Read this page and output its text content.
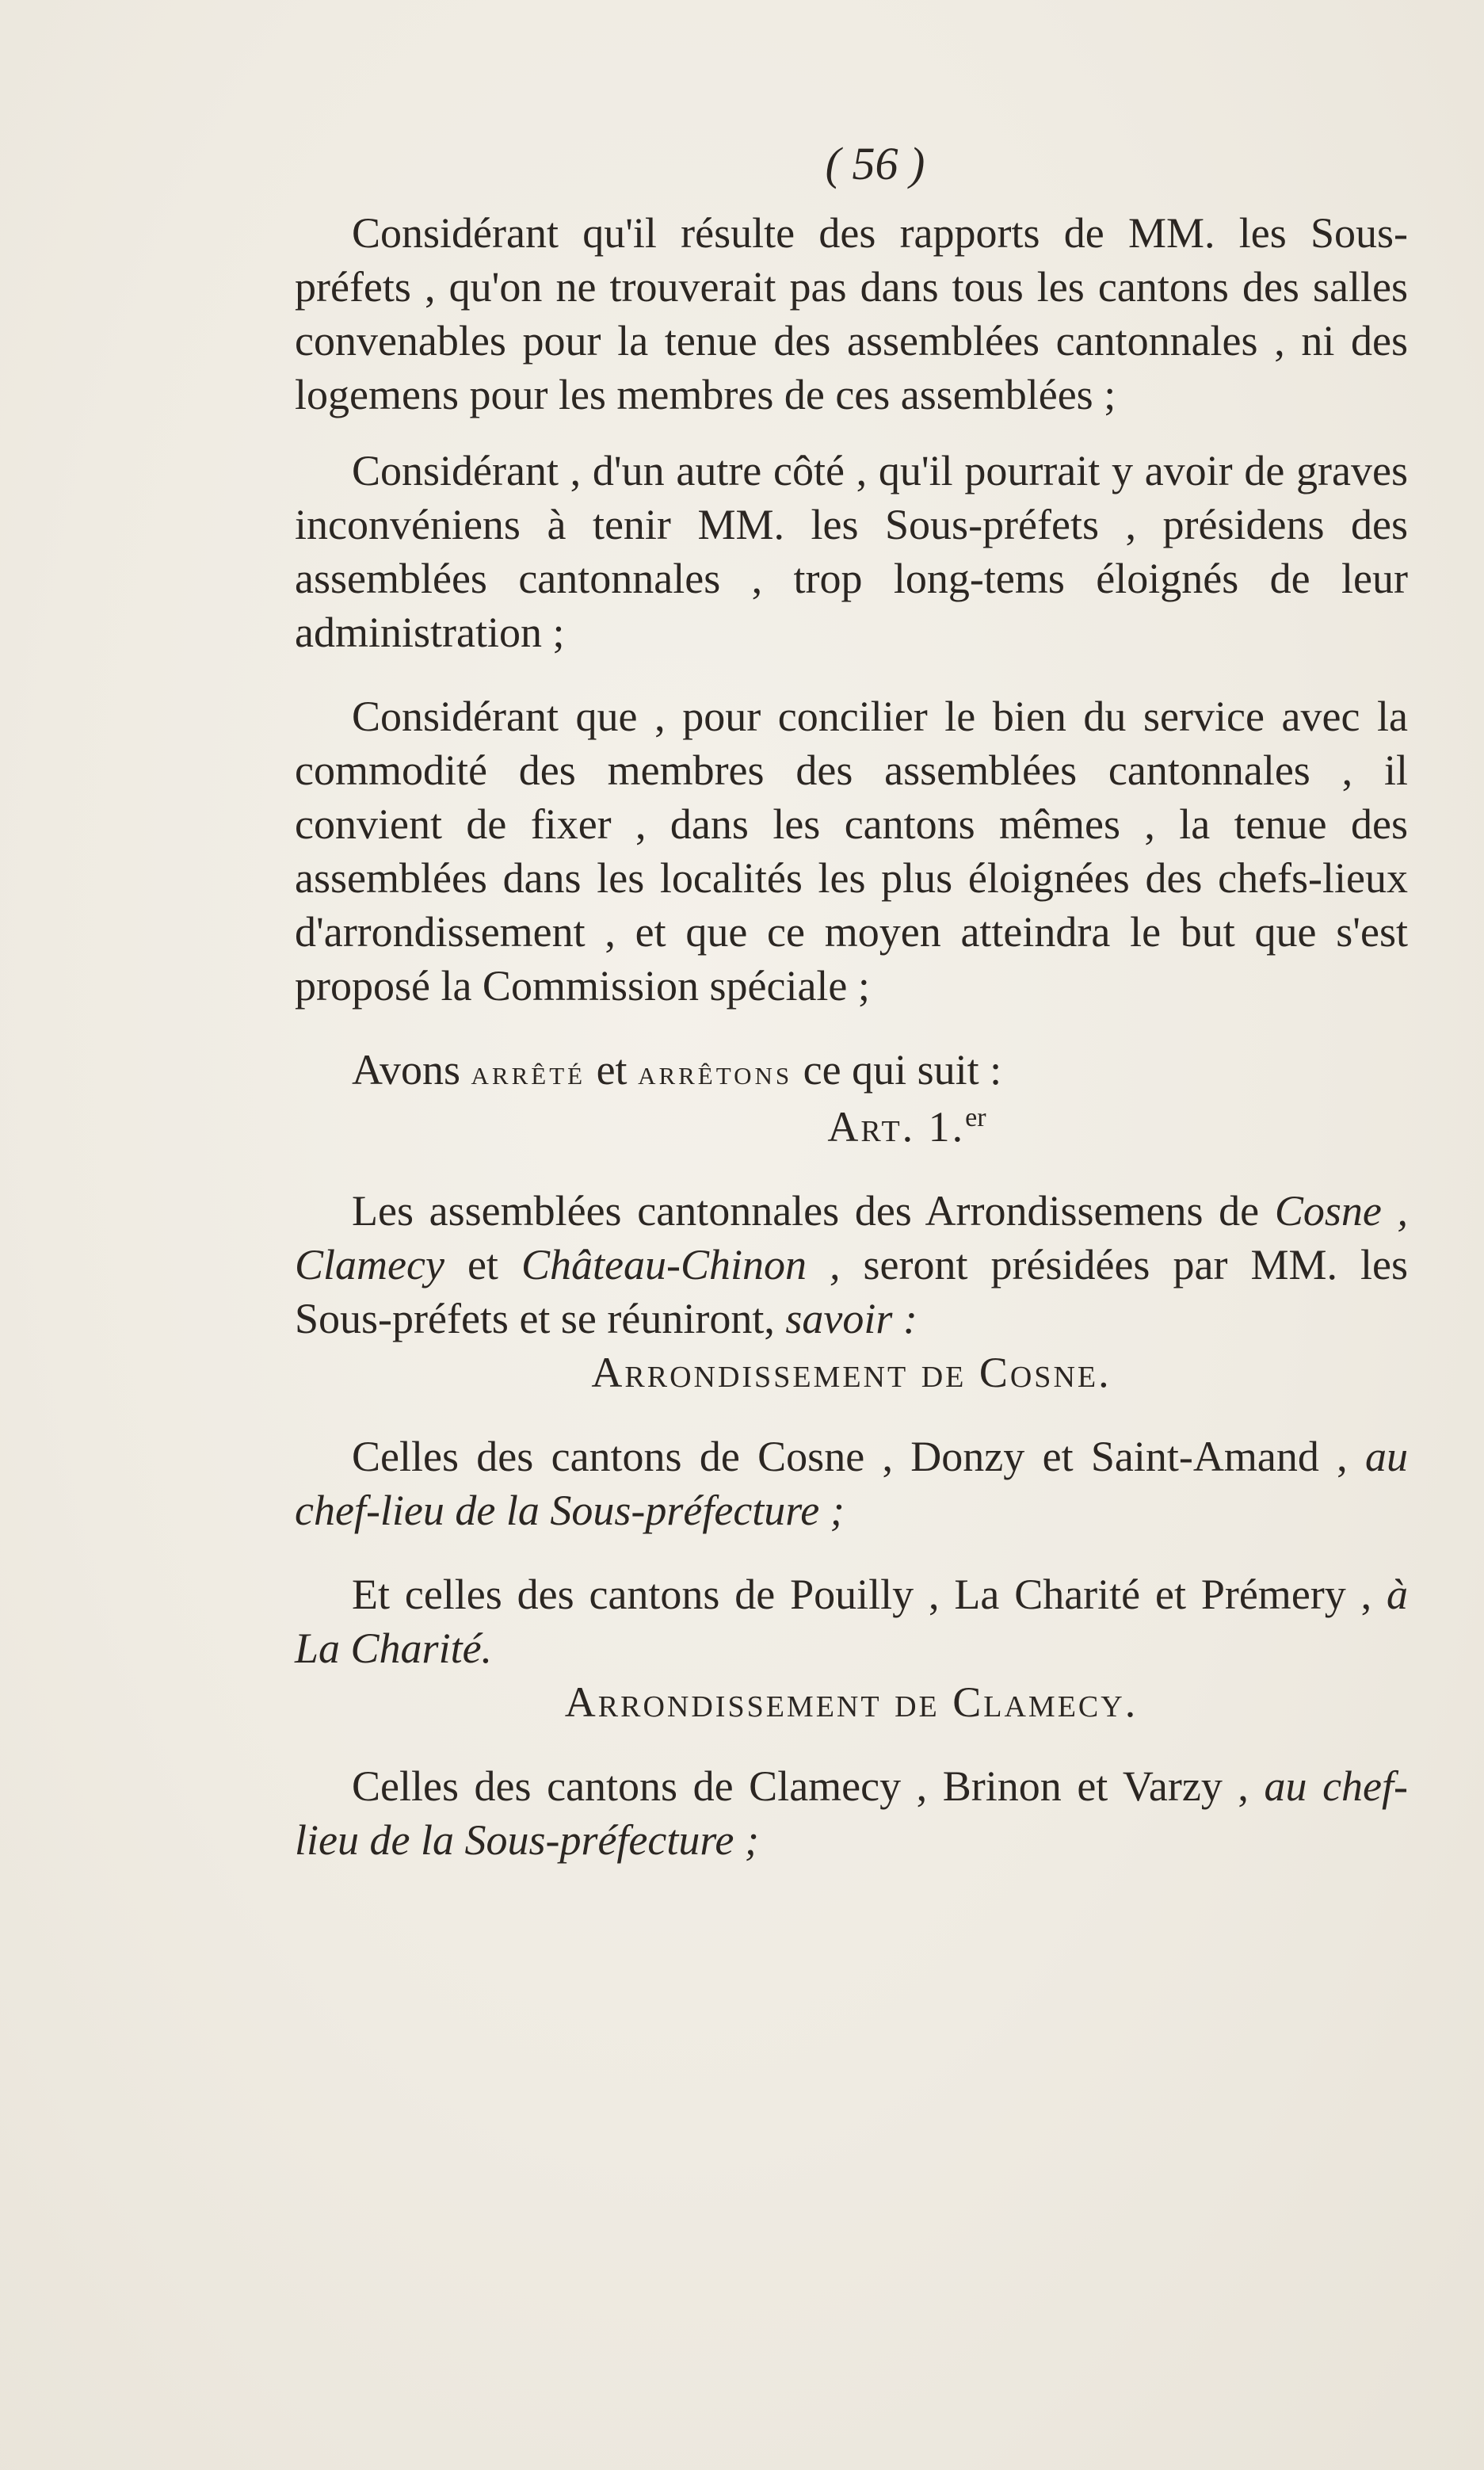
( 56 )

Considérant qu'il résulte des rapports de MM. les Sous-préfets , qu'on ne trouverait pas dans tous les cantons des salles convenables pour la tenue des assemblées cantonnales , ni des logemens pour les membres de ces assemblées ;

Considérant , d'un autre côté , qu'il pourrait y avoir de graves inconvéniens à tenir MM. les Sous-préfets , présidens des assemblées cantonnales , trop long-tems éloignés de leur administration ;

Considérant que , pour concilier le bien du service avec la commodité des membres des assemblées cantonnales , il convient de fixer , dans les cantons mêmes , la tenue des assemblées dans les localités les plus éloignées des chefs-lieux d'arrondissement , et que ce moyen atteindra le but que s'est proposé la Commission spéciale ;

Avons arrêté et arrêtons ce qui suit :

Art. 1.$^{er}$

Les assemblées cantonnales des Arrondissemens de Cosne , Clamecy et Château-Chinon , seront présidées par MM. les Sous-préfets et se réuniront, savoir :

Arrondissement de Cosne.

Celles des cantons de Cosne , Donzy et Saint-Amand , au chef-lieu de la Sous-préfecture ;

Et celles des cantons de Pouilly , La Charité et Prémery , à La Charité.

Arrondissement de Clamecy.

Celles des cantons de Clamecy , Brinon et Varzy , au chef-lieu de la Sous-préfecture ;
